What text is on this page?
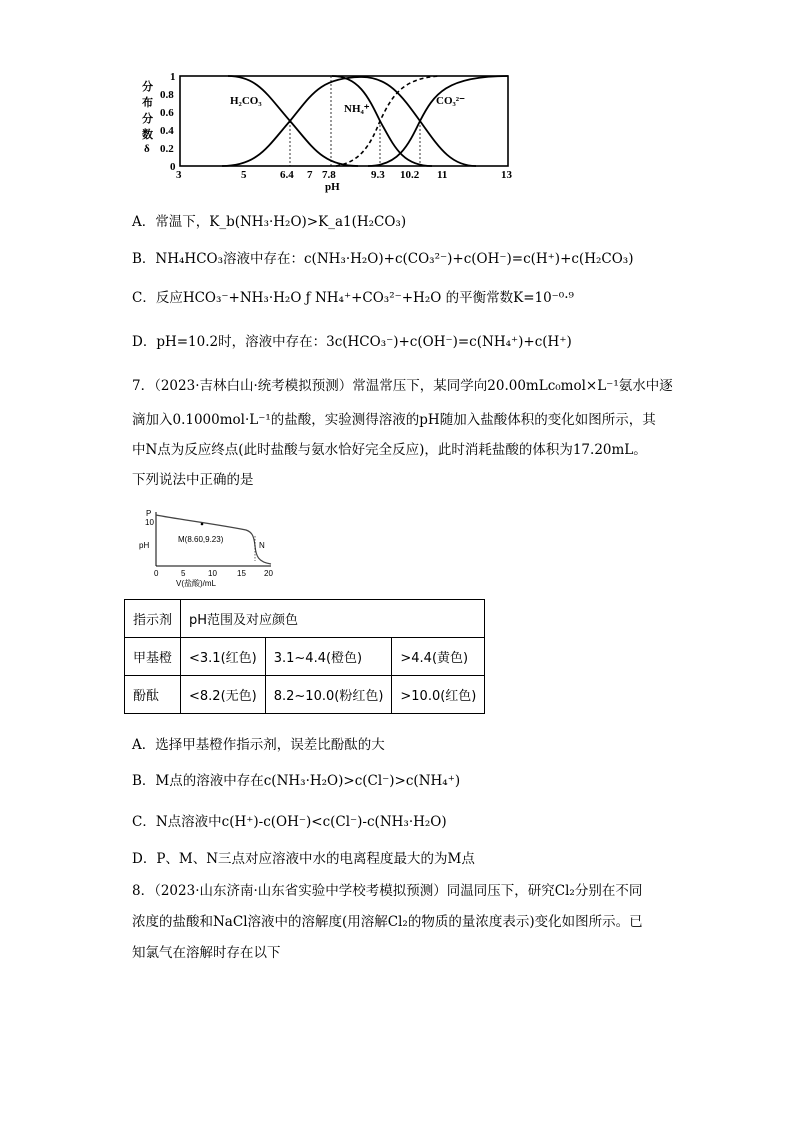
分
布
分
数
δ
1
0.8
0.6
0.4
0.2
0
3	5	6.4 7 7.8	9.3 10.2 11	13
pH
H₂CO₃
NH₄⁺
CO₃²⁻
A．常温下，K_b(NH₃·H₂O)>K_a1(H₂CO₃)
B．NH₄HCO₃溶液中存在：c(NH₃·H₂O)+c(CO₃²⁻)+c(OH⁻)=c(H⁺)+c(H₂CO₃)
C．反应HCO₃⁻+NH₃·H₂O ƒ NH₄⁺+CO₃²⁻+H₂O 的平衡常数K=10⁻⁰·⁹
D．pH=10.2时，溶液中存在：3c(HCO₃⁻)+c(OH⁻)=c(NH₄⁺)+c(H⁺)
7．（2023·吉林白山·统考模拟预测）常温常压下，某同学向20.00mLc₀mol×L⁻¹氨水中逐
滴加入0.1000mol·L⁻¹的盐酸，实验测得溶液的pH随加入盐酸体积的变化如图所示，其
中N点为反应终点(此时盐酸与氨水恰好完全反应)，此时消耗盐酸的体积为17.20mL。
下列说法中正确的是
P
10
pH
M(8.60,9.23)
N
0	5	10	15 20
V(盐酸)/mL
指示剂	pH范围及对应颜色		
甲基橙	<3.1(红色)	3.1~4.4(橙色)	>4.4(黄色)
酚酞	<8.2(无色)	8.2~10.0(粉红色)	>10.0(红色)
A．选择甲基橙作指示剂，误差比酚酞的大
B．M点的溶液中存在c(NH₃·H₂O)>c(Cl⁻)>c(NH₄⁺)
C．N点溶液中c(H⁺)-c(OH⁻)<c(Cl⁻)-c(NH₃·H₂O)
D．P、M、N三点对应溶液中水的电离程度最大的为M点
8．（2023·山东济南·山东省实验中学校考模拟预测）同温同压下，研究Cl₂分别在不同
浓度的盐酸和NaCl溶液中的溶解度(用溶解Cl₂的物质的量浓度表示)变化如图所示。已
知氯气在溶解时存在以下
